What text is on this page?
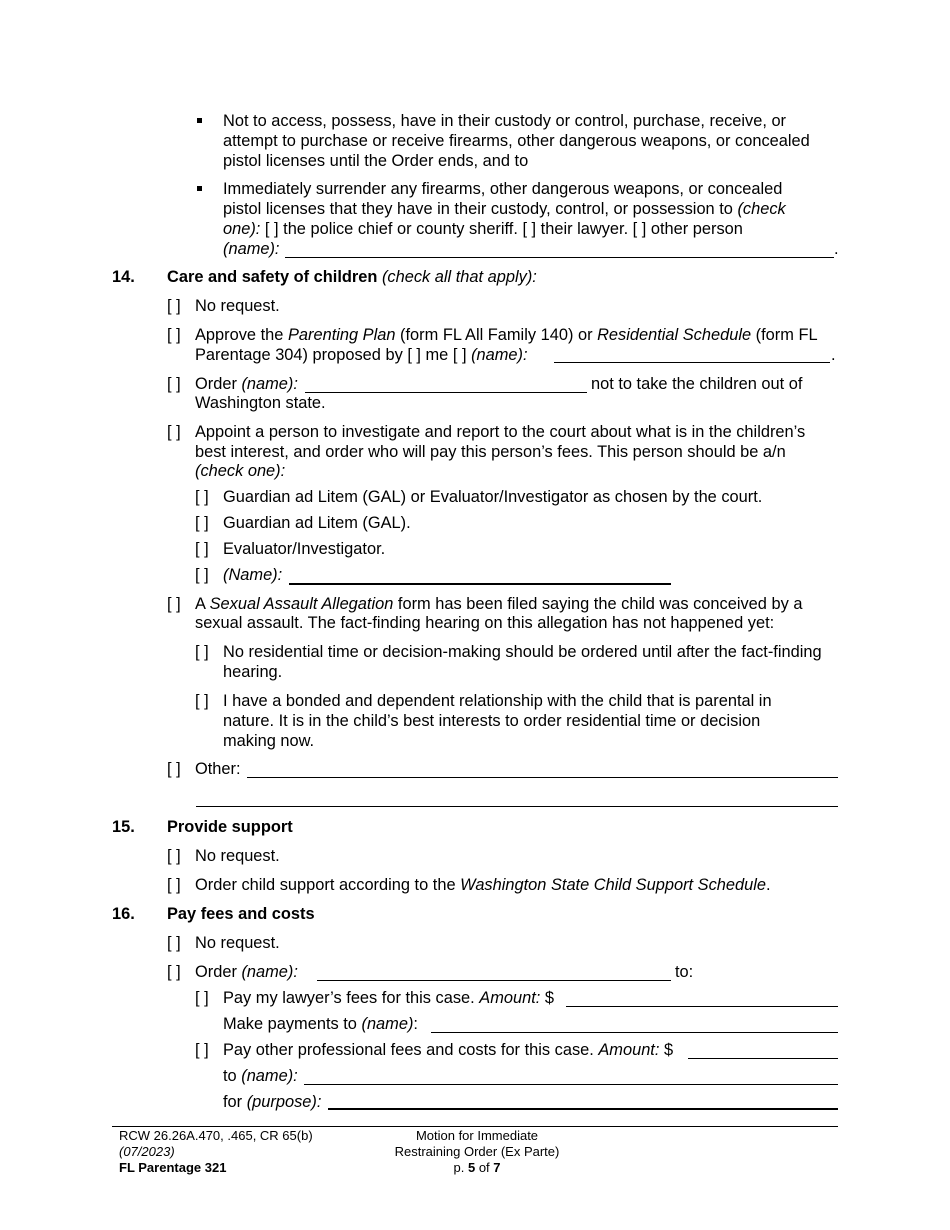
Not to access, possess, have in their custody or control, purchase, receive, or
attempt to purchase or receive firearms, other dangerous weapons, or concealed
pistol licenses until the Order ends, and to
Immediately surrender any firearms, other dangerous weapons, or concealed
pistol licenses that they have in their custody, control, or possession to (check
one): [ ] the police chief or county sheriff. [ ] their lawyer. [ ] other person
(name):	.
14. Care and safety of children (check all that apply):
[ ] No request.
[ ] Approve the Parenting Plan (form FL All Family 140) or Residential Schedule (form FL
Parentage 304) proposed by [ ] me [ ] (name):	.
[ ] Order (name):	not to take the children out of
Washington state.
[ ] Appoint a person to investigate and report to the court about what is in the children’s
best interest, and order who will pay this person’s fees. This person should be a/n
(check one):
[ ] Guardian ad Litem (GAL) or Evaluator/Investigator as chosen by the court.
[ ] Guardian ad Litem (GAL).
[ ] Evaluator/Investigator.
[ ] (Name):
[ ] A Sexual Assault Allegation form has been filed saying the child was conceived by a
sexual assault. The fact-finding hearing on this allegation has not happened yet:
[ ] No residential time or decision-making should be ordered until after the fact-finding
hearing.
[ ] I have a bonded and dependent relationship with the child that is parental in
nature. It is in the child’s best interests to order residential time or decision
making now.
[ ] Other:
15. Provide support
[ ] No request.
[ ] Order child support according to the Washington State Child Support Schedule.
16. Pay fees and costs
[ ] No request.
[ ] Order (name):	to:
[ ] Pay my lawyer’s fees for this case. Amount: $
Make payments to (name):
[ ] Pay other professional fees and costs for this case. Amount: $
to (name):
for (purpose):
RCW 26.26A.470, .465, CR 65(b)
(07/2023)
FL Parentage 321
Motion for Immediate
Restraining Order (Ex Parte)
p. 5 of 7
